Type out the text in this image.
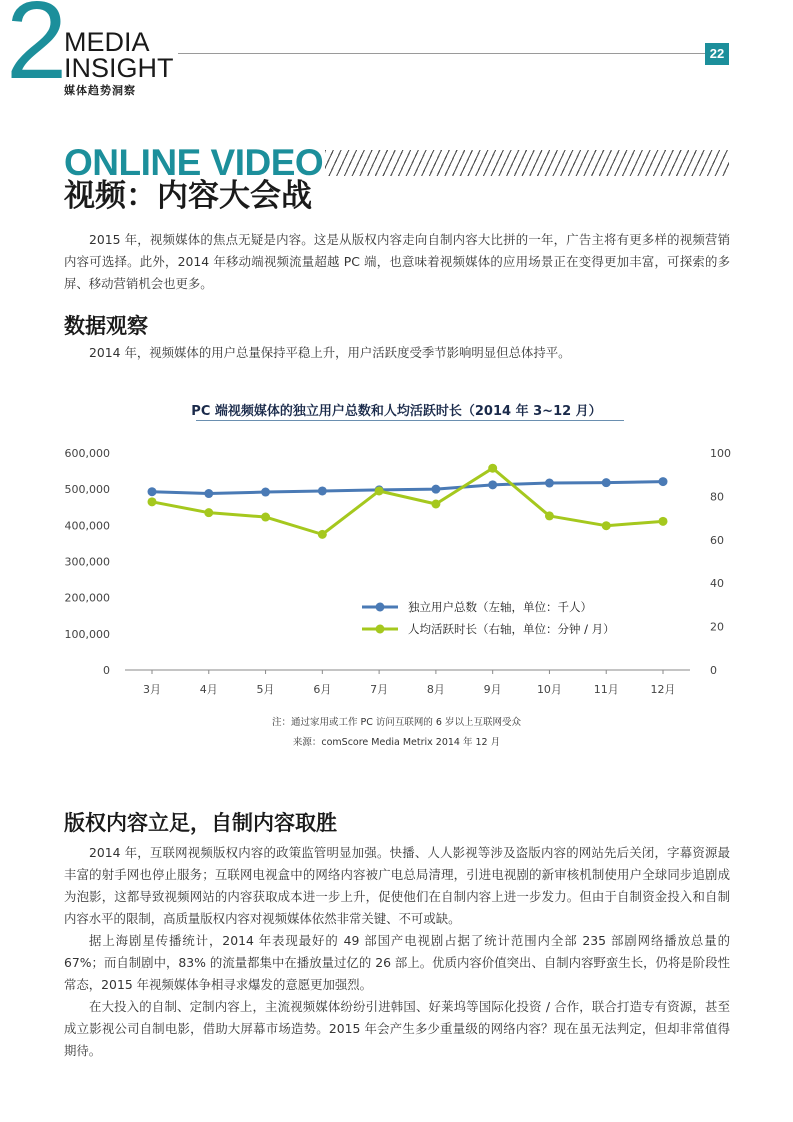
2 MEDIA
INSIGHT
媒体趋势洞察
22
ONLINE VIDEO
视频：内容大会战

2015 年，视频媒体的焦点无疑是内容。这是从版权内容走向自制内容大比拼的一年，广告主将有更多样的视频营销内容可选择。此外，2014 年移动端视频流量超越 PC 端，也意味着视频媒体的应用场景正在变得更加丰富，可探索的多屏、移动营销机会也更多。

数据观察

2014 年，视频媒体的用户总量保持平稳上升，用户活跃度受季节影响明显但总体持平。

PC 端视频媒体的独立用户总数和人均活跃时长（2014 年 3~12 月）
0
100,000
200,000
300,000
400,000
500,000
600,000
0
20
40
60
80
100
3月	4月	5月	6月	7月	8月	9月	10月	11月	12月
独立用户总数（左轴，单位：千人）
人均活跃时长（右轴，单位：分钟 / 月）
注：通过家用或工作 PC 访问互联网的 6 岁以上互联网受众
来源：comScore Media Metrix 2014 年 12 月
版权内容立足，自制内容取胜

2014 年，互联网视频版权内容的政策监管明显加强。快播、人人影视等涉及盗版内容的网站先后关闭，字幕资源最丰富的射手网也停止服务；互联网电视盒中的网络内容被广电总局清理，引进电视剧的新审核机制使用户全球同步追剧成为泡影，这都导致视频网站的内容获取成本进一步上升，促使他们在自制内容上进一步发力。但由于自制资金投入和自制内容水平的限制，高质量版权内容对视频媒体依然非常关键、不可或缺。

据上海剧星传播统计，2014 年表现最好的 49 部国产电视剧占据了统计范围内全部 235 部剧网络播放总量的 67%；而自制剧中，83% 的流量都集中在播放量过亿的 26 部上。优质内容价值突出、自制内容野蛮生长，仍将是阶段性常态，2015 年视频媒体争相寻求爆发的意愿更加强烈。

在大投入的自制、定制内容上，主流视频媒体纷纷引进韩国、好莱坞等国际化投资 / 合作，联合打造专有资源，甚至成立影视公司自制电影，借助大屏幕市场造势。2015 年会产生多少重量级的网络内容？现在虽无法判定，但却非常值得期待。
